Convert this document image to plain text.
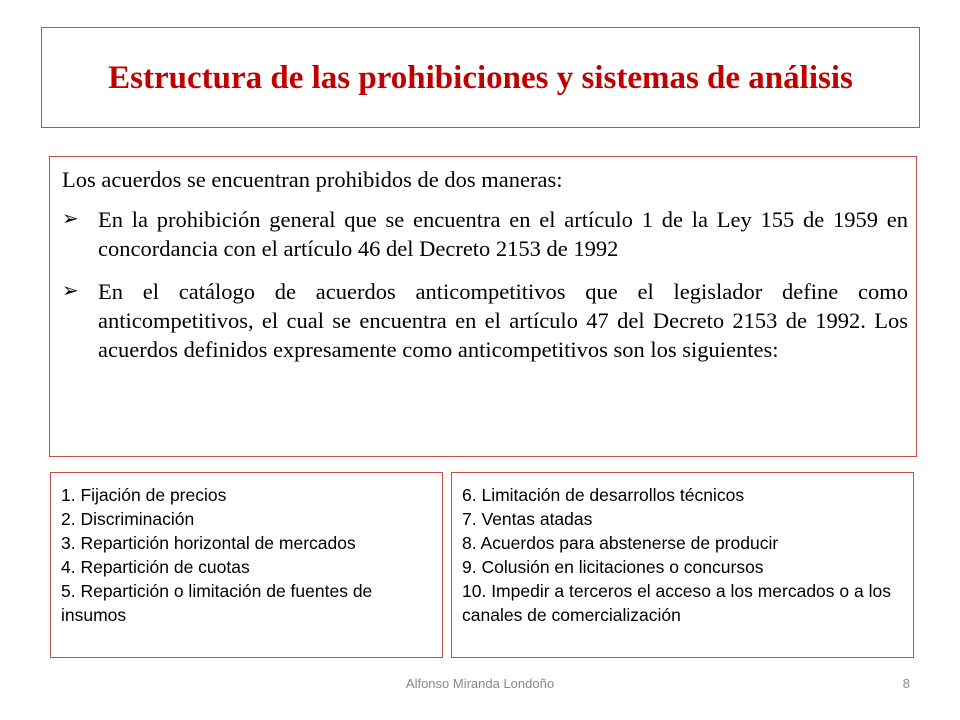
Estructura de las prohibiciones y sistemas de análisis

Los acuerdos se encuentran prohibidos de dos maneras:

➢ En la prohibición general que se encuentra en el artículo 1 de la Ley 155 de 1959 en concordancia con el artículo 46 del Decreto 2153 de 1992
➢ En el catálogo de acuerdos anticompetitivos que el legislador define como anticompetitivos, el cual se encuentra en el artículo 47 del Decreto 2153 de 1992. Los acuerdos definidos expresamente como anticompetitivos son los siguientes:
1. Fijación de precios
2. Discriminación
3. Repartición horizontal de mercados
4. Repartición de cuotas
5. Repartición o limitación de fuentes de insumos
6. Limitación de desarrollos técnicos
7. Ventas atadas
8. Acuerdos para abstenerse de producir
9. Colusión en licitaciones o concursos
10. Impedir a terceros el acceso a los mercados o a los canales de comercialización
Alfonso Miranda Londoño	8
